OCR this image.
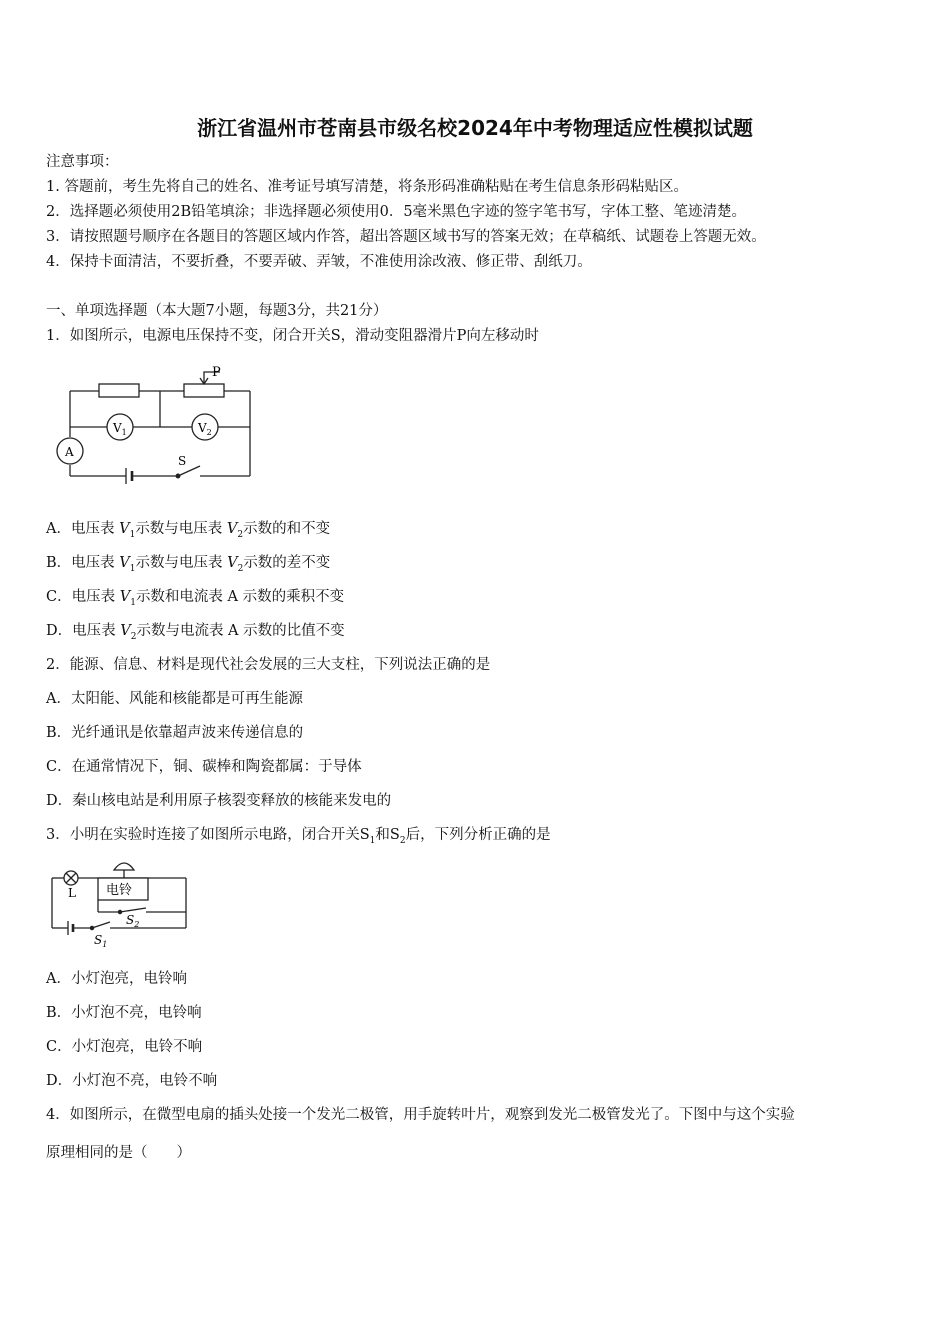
浙江省温州市苍南县市级名校2024年中考物理适应性模拟试题
注意事项：
1. 答题前，考生先将自己的姓名、准考证号填写清楚，将条形码准确粘贴在考生信息条形码粘贴区。
2．选择题必须使用2B铅笔填涂；非选择题必须使用0．5毫米黑色字迹的签字笔书写，字体工整、笔迹清楚。
3．请按照题号顺序在各题目的答题区域内作答，超出答题区域书写的答案无效；在草稿纸、试题卷上答题无效。
4．保持卡面清洁，不要折叠，不要弄破、弄皱，不准使用涂改液、修正带、刮纸刀。
一、单项选择题（本大题7小题，每题3分，共21分）
1．如图所示，电源电压保持不变，闭合开关S，滑动变阻器滑片P向左移动时
P
$V_1$	$V_2$
A
S
A．电压表 $V_1$示数与电压表 $V_2$示数的和不变
B．电压表 $V_1$示数与电压表 $V_2$示数的差不变
C．电压表 $V_1$示数和电流表 A 示数的乘积不变
D．电压表 $V_2$示数与电流表 A 示数的比值不变
2．能源、信息、材料是现代社会发展的三大支柱，下列说法正确的是
A．太阳能、风能和核能都是可再生能源
B．光纤通讯是依靠超声波来传递信息的
C．在通常情况下，铜、碳棒和陶瓷都属：于导体
D．秦山核电站是利用原子核裂变释放的核能来发电的
3．小明在实验时连接了如图所示电路，闭合开关$S_1$和$S_2$后，下列分析正确的是
L 电铃
$S_2$
$S_1$
A．小灯泡亮，电铃响
B．小灯泡不亮，电铃响
C．小灯泡亮，电铃不响
D．小灯泡不亮，电铃不响
4．如图所示，在微型电扇的插头处接一个发光二极管，用手旋转叶片，观察到发光二极管发光了。下图中与这个实验
原理相同的是（　　）
